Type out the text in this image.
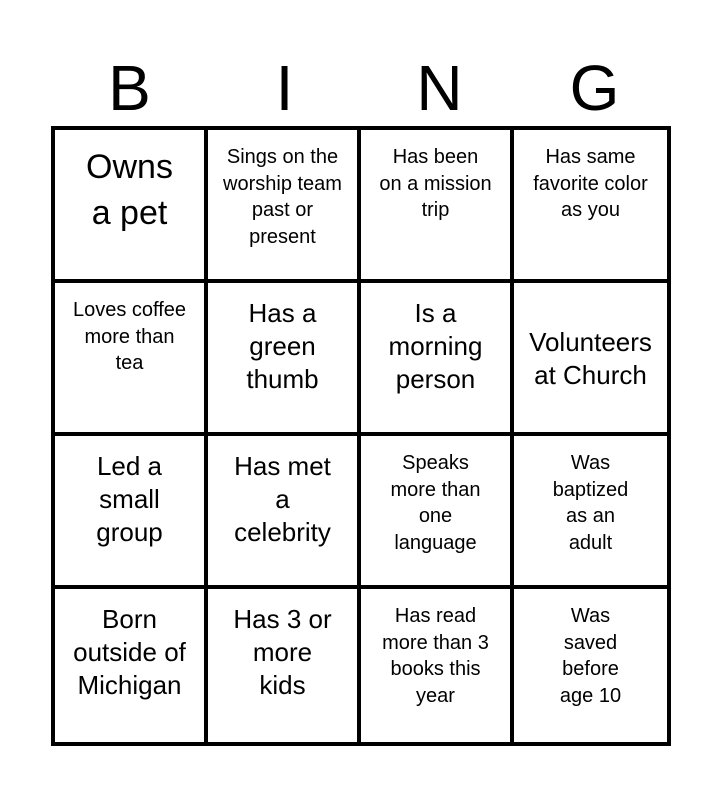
B	I	N	G
Owns a pet
Sings on the worship team past or present
Has been on a mission trip
Has same favorite color as you
Loves coffee more than tea
Has a green thumb
Is a morning person
Volunteers at Church
Led a small group
Has met a celebrity
Speaks more than one language
Was baptized as an adult
Born outside of Michigan
Has 3 or more kids
Has read more than 3 books this year
Was saved before age 10
